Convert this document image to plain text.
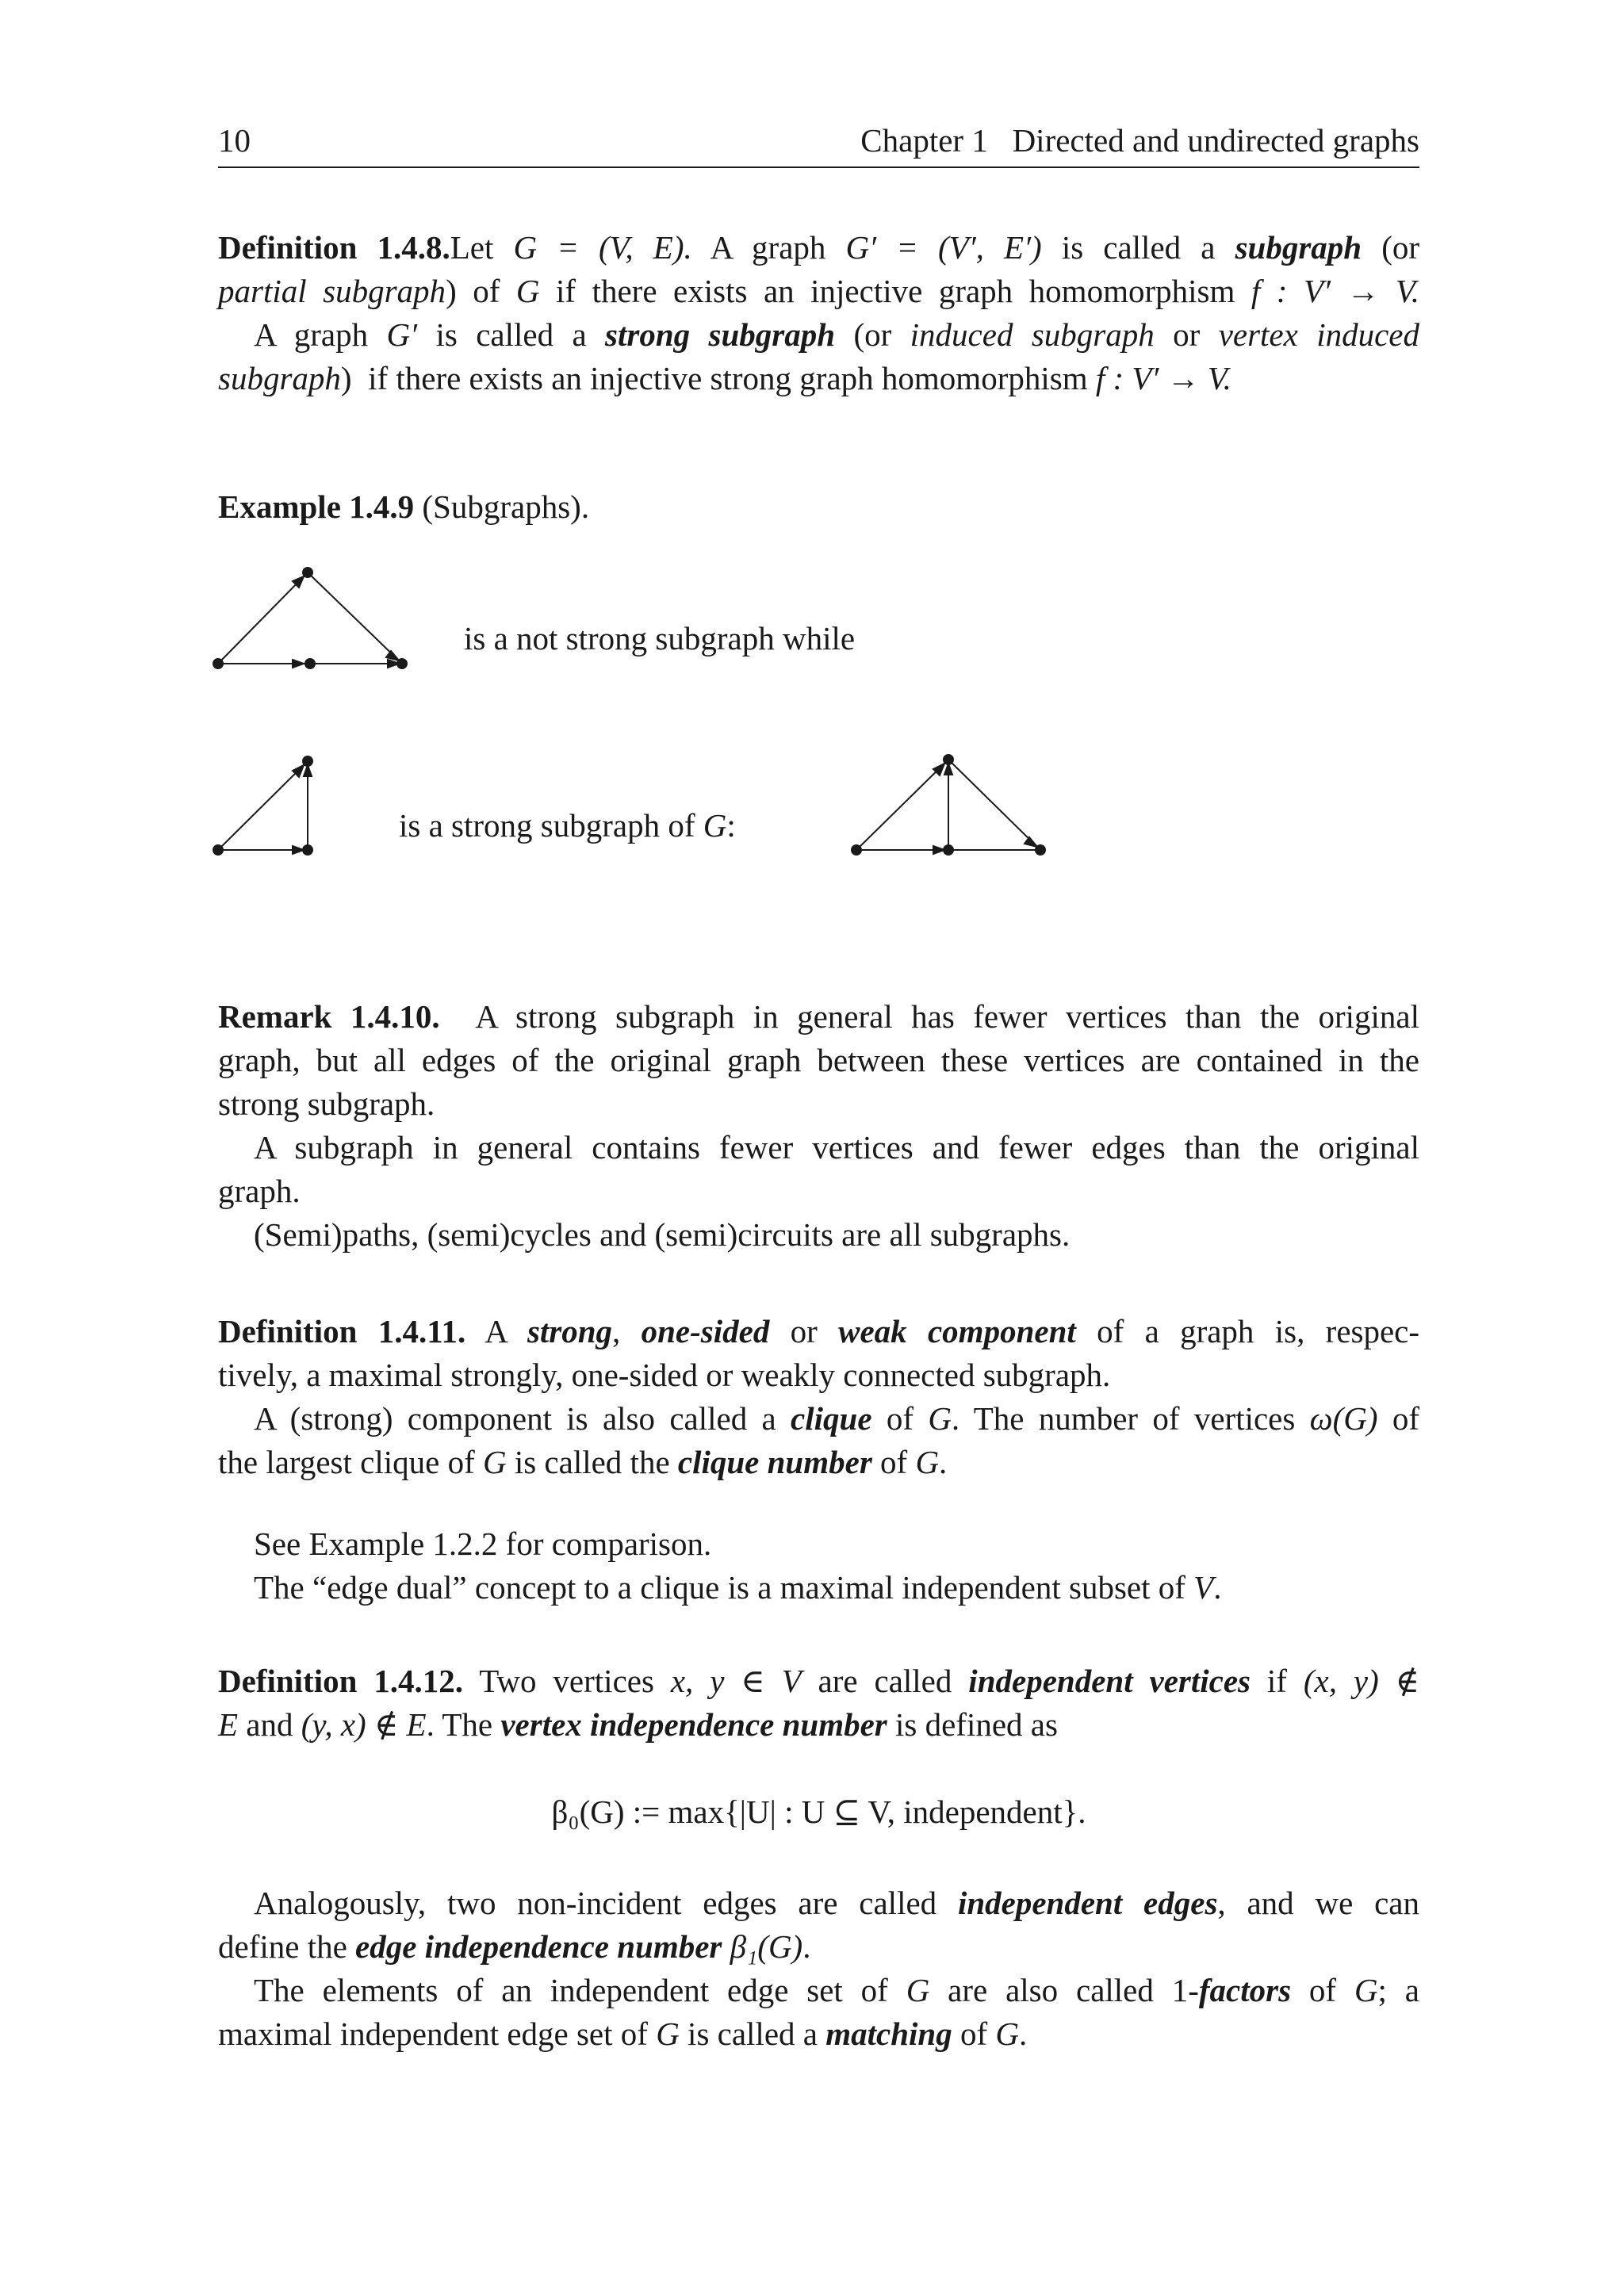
10	Chapter 1   Directed and undirected graphs
Definition 1.4.8.Let G = (V, E). A graph G′ = (V′, E′) is called a subgraph (or
partial subgraph) of G if there exists an injective graph homomorphism f : V′ → V.
A graph G′ is called a strong subgraph (or induced subgraph or vertex induced
subgraph)  if there exists an injective strong graph homomorphism f : V′ → V.
Example 1.4.9 (Subgraphs).
is a not strong subgraph while
is a strong subgraph of G:
Remark 1.4.10.  A strong subgraph in general has fewer vertices than the original
graph, but all edges of the original graph between these vertices are contained in the
strong subgraph.
A subgraph in general contains fewer vertices and fewer edges than the original
graph.
(Semi)paths, (semi)cycles and (semi)circuits are all subgraphs.
Definition 1.4.11. A strong, one-sided or weak component of a graph is, respec-
tively, a maximal strongly, one-sided or weakly connected subgraph.
A (strong) component is also called a clique of G. The number of vertices ω(G) of
the largest clique of G is called the clique number of G.
See Example 1.2.2 for comparison.
The “edge dual” concept to a clique is a maximal independent subset of V.
Definition 1.4.12. Two vertices x, y ∈ V are called independent vertices if (x, y) ∉
E and (y, x) ∉ E. The vertex independence number is defined as
β₀(G) := max{|U| : U ⊆ V, independent}.
Analogously, two non-incident edges are called independent edges, and we can
define the edge independence number β₁(G).
The elements of an independent edge set of G are also called 1-factors of G; a
maximal independent edge set of G is called a matching of G.
